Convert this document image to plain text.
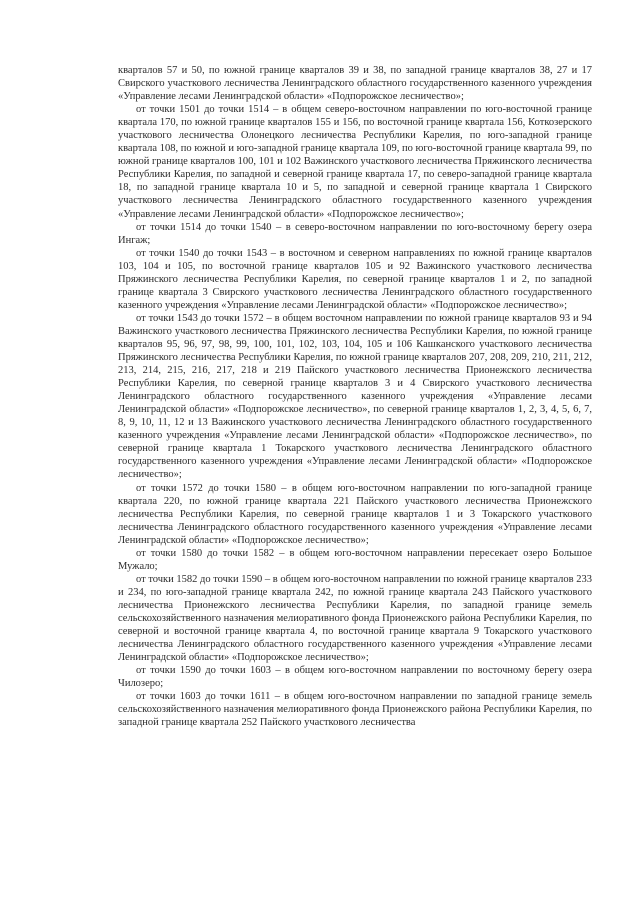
кварталов 57 и 50, по южной границе кварталов 39 и 38, по западной границе кварталов 38, 27 и 17 Свирского участкового лесничества Ленинградского областного государственного казенного учреждения «Управление лесами Ленинградской области» «Подпорожское лесничество»;

от точки 1501 до точки 1514 – в общем северо-восточном направлении по юго-восточной границе квартала 170, по южной границе кварталов 155 и 156, по восточной границе квартала 156, Коткозерского участкового лесничества Олонецкого лесничества Республики Карелия, по юго-западной границе квартала 108, по южной и юго-западной границе квартала 109, по юго-восточной границе квартала 99, по южной границе кварталов 100, 101 и 102 Важинского участкового лесничества Пряжинского лесничества Республики Карелия, по западной и северной границе квартала 17, по северо-западной границе квартала 18, по западной границе квартала 10 и 5, по западной и северной границе квартала 1 Свирского участкового лесничества Ленинградского областного государственного казенного учреждения «Управление лесами Ленинградской области» «Подпорожское лесничество»;

от точки 1514 до точки 1540 – в северо-восточном направлении по юго-восточному берегу озера Ингаж;

от точки 1540 до точки 1543 – в восточном и северном направлениях по южной границе кварталов 103, 104 и 105, по восточной границе кварталов 105 и 92 Важинского участкового лесничества Пряжинского лесничества Республики Карелия, по северной границе кварталов 1 и 2, по западной границе квартала 3 Свирского участкового лесничества Ленинградского областного государственного казенного учреждения «Управление лесами Ленинградской области» «Подпорожское лесничество»;

от точки 1543 до точки 1572 – в общем восточном направлении по южной границе кварталов 93 и 94 Важинского участкового лесничества Пряжинского лесничества Республики Карелия, по южной границе кварталов 95, 96, 97, 98, 99, 100, 101, 102, 103, 104, 105 и 106 Кашканского участкового лесничества Пряжинского лесничества Республики Карелия, по южной границе кварталов 207, 208, 209, 210, 211, 212, 213, 214, 215, 216, 217, 218 и 219 Пайского участкового лесничества Прионежского лесничества Республики Карелия, по северной границе кварталов 3 и 4 Свирского участкового лесничества Ленинградского областного государственного казенного учреждения «Управление лесами Ленинградской области» «Подпорожское лесничество», по северной границе кварталов 1, 2, 3, 4, 5, 6, 7, 8, 9, 10, 11, 12 и 13 Важинского участкового лесничества Ленинградского областного государственного казенного учреждения «Управление лесами Ленинградской области» «Подпорожское лесничество», по северной границе квартала 1 Токарского участкового лесничества Ленинградского областного государственного казенного учреждения «Управление лесами Ленинградской области» «Подпорожское лесничество»;

от точки 1572 до точки 1580 – в общем юго-восточном направлении по юго-западной границе квартала 220, по южной границе квартала 221 Пайского участкового лесничества Прионежского лесничества Республики Карелия, по северной границе кварталов 1 и 3 Токарского участкового лесничества Ленинградского областного государственного казенного учреждения «Управление лесами Ленинградской области» «Подпорожское лесничество»;

от точки 1580 до точки 1582 – в общем юго-восточном направлении пересекает озеро Большое Мужало;

от точки 1582 до точки 1590 – в общем юго-восточном направлении по южной границе кварталов 233 и 234, по юго-западной границе квартала 242, по южной границе квартала 243 Пайского участкового лесничества Прионежского лесничества Республики Карелия, по западной границе земель сельскохозяйственного назначения мелиоративного фонда Прионежского района Республики Карелия, по северной и восточной границе квартала 4, по восточной границе квартала 9 Токарского участкового лесничества Ленинградского областного государственного казенного учреждения «Управление лесами Ленинградской области» «Подпорожское лесничество»;

от точки 1590 до точки 1603 – в общем юго-восточном направлении по восточному берегу озера Чилозеро;

от точки 1603 до точки 1611 – в общем юго-восточном направлении по западной границе земель сельскохозяйственного назначения мелиоративного фонда Прионежского района Республики Карелия, по западной границе квартала 252 Пайского участкового лесничества
